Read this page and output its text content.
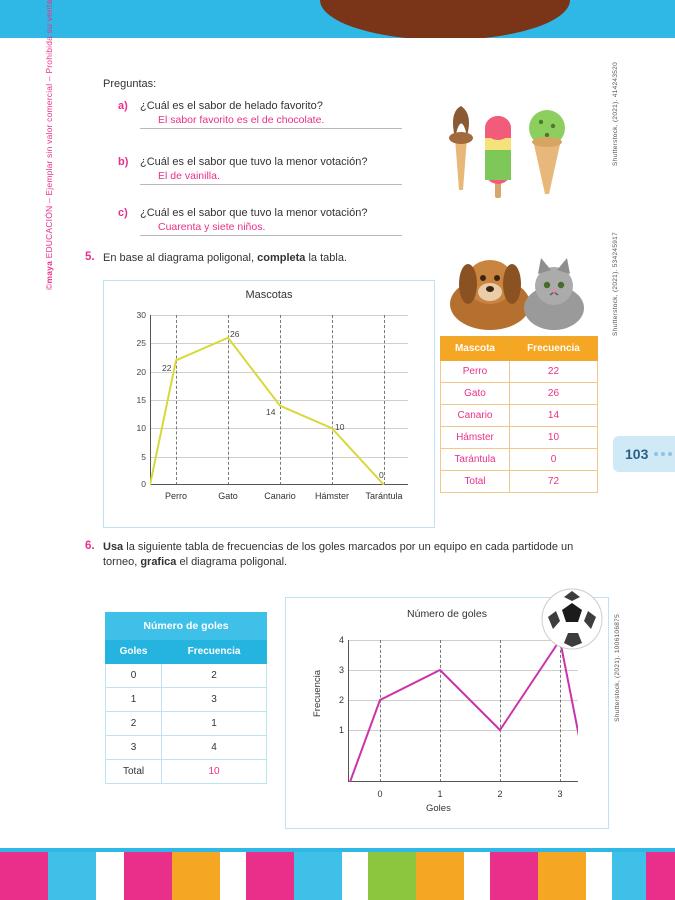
©maya EDUCACIÓN – Ejemplar sin valor comercial – Prohibida su venta
103
Preguntas:
a) ¿Cuál es el sabor de helado favorito?
El sabor favorito es el de chocolate.
b) ¿Cuál es el sabor que tuvo la menor votación?
El de vainilla.
c) ¿Cuál es el sabor que tuvo la menor votación?
Cuarenta y siete niños.
5. En base al diagrama poligonal, completa la tabla.
Mascotas
30
25
20
15
10
5
0
Perro	Gato	Canario	Hámster	Tarántula
22
26
14
10
0
Mascota	Frecuencia
Perro	22
Gato	26
Canario	14
Hámster	10
Tarántula	0
Total	72
6. Usa la siguiente tabla de frecuencias de los goles marcados por un equipo en cada partidode un torneo, grafica el diagrama poligonal.
Número de goles	
Goles	Frecuencia
0	2
1	3
2	1
3	4
Total	10
Número de goles
4
3
2
1
0	1	2	3
Goles
Frecuencia
Shutterstock, (2021). 414243520
Shutterstock, (2021). 534245917
Shutterstock, (2021). 1006106875
